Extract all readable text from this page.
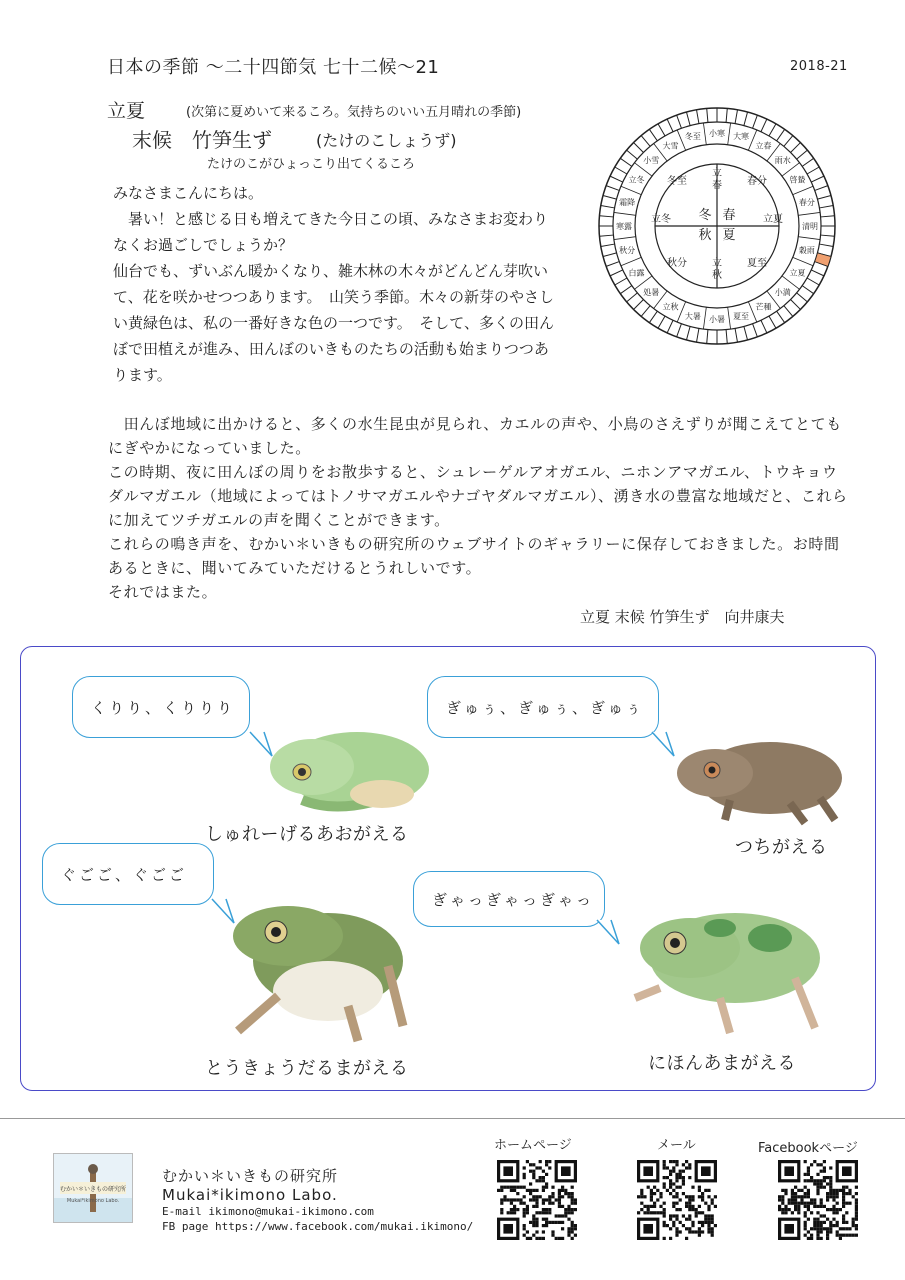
日本の季節 〜二十四節気 七十二候〜21	2018-21
立夏	(次第に夏めいて来るころ。気持ちのいい五月晴れの季節)
末候　竹笋生ず	(たけのこしょうず)
たけのこがひょっこり出てくるころ

みなさまこんにちは。

　暑い！と感じる日も増えてきた今日この頃、みなさまお変わりなくお過ごしでしょうか？

仙台でも、ずいぶん暖かくなり、雑木林の木々がどんどん芽吹いて、花を咲かせつつあります。　山笑う季節。木々の新芽のやさしい黄緑色は、私の一番好きな色の一つです。　そして、多くの田んぼで田植えが進み、田んぼのいきものたちの活動も始まりつつあります。

立春
雨水
啓蟄
春分
清明
穀雨
立夏
小満
芒種
夏至
小暑
大暑
立秋
処暑
白露
秋分
寒露
霜降
立冬
小雪
大雪
冬至 小寒 大寒
春
夏
秋
冬
立
春
立夏
立
秋
立冬
春分
夏至
秋分
冬至

　田んぼ地域に出かけると、多くの水生昆虫が見られ、カエルの声や、小鳥のさえずりが聞こえてとてもにぎやかになっていました。

この時期、夜に田んぼの周りをお散歩すると、シュレーゲルアオガエル、ニホンアマガエル、トウキョウダルマガエル（地域によってはトノサマガエルやナゴヤダルマガエル）、湧き水の豊富な地域だと、これらに加えてツチガエルの声を聞くことができます。

これらの鳴き声を、むかい＊いきもの研究所のウェブサイトのギャラリーに保存しておきました。お時間あるときに、聞いてみていただけるとうれしいです。

それではまた。

立夏 末候 竹笋生ず　向井康夫
くりり、くりりり
しゅれーげるあおがえる
ぎゅぅ、ぎゅぅ、ぎゅぅ
つちがえる
ぐごご、ぐごご
とうきょうだるまがえる
ぎゃっぎゃっぎゃっ
にほんあまがえる
むかい＊いきもの研究所
Mukai*ikimono Labo.
むかい＊いきもの研究所
Mukai*ikimono Labo.
E-mail ikimono@mukai-ikimono.com
FB page https://www.facebook.com/mukai.ikimono/
ホームページ	メール	Facebookページ
